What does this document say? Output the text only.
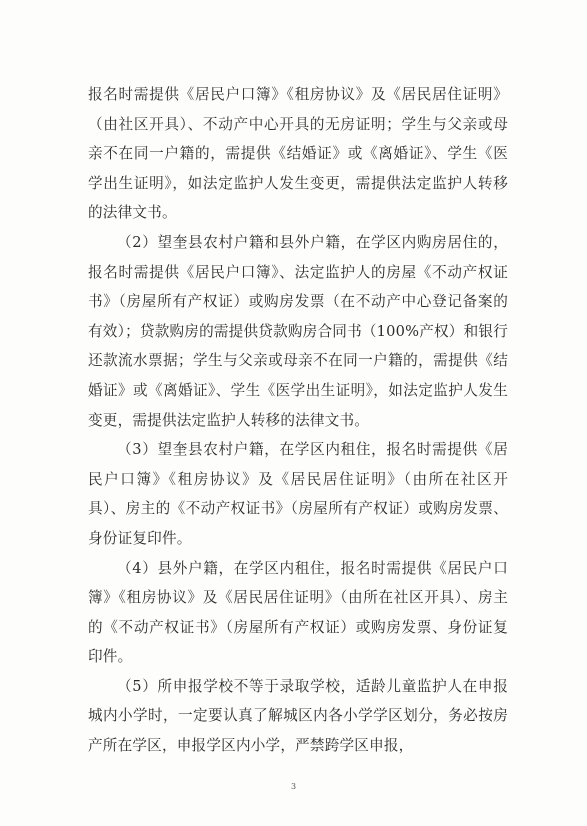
报名时需提供《居民户口簿》《租房协议》及《居民居住证明》（由社区开具）、不动产中心开具的无房证明；学生与父亲或母亲不在同一户籍的，需提供《结婚证》或《离婚证》、学生《医学出生证明》，如法定监护人发生变更，需提供法定监护人转移的法律文书。

（2）望奎县农村户籍和县外户籍，在学区内购房居住的，报名时需提供《居民户口簿》、法定监护人的房屋《不动产权证书》（房屋所有产权证）或购房发票（在不动产中心登记备案的有效）；贷款购房的需提供贷款购房合同书（100%产权）和银行还款流水票据；学生与父亲或母亲不在同一户籍的，需提供《结婚证》或《离婚证》、学生《医学出生证明》，如法定监护人发生变更，需提供法定监护人转移的法律文书。

（3）望奎县农村户籍，在学区内租住，报名时需提供《居民户口簿》《租房协议》及《居民居住证明》（由所在社区开具）、房主的《不动产权证书》（房屋所有产权证）或购房发票、身份证复印件。

（4）县外户籍，在学区内租住，报名时需提供《居民户口簿》《租房协议》及《居民居住证明》（由所在社区开具）、房主的《不动产权证书》（房屋所有产权证）或购房发票、身份证复印件。

（5）所申报学校不等于录取学校，适龄儿童监护人在申报城内小学时，一定要认真了解城区内各小学学区划分，务必按房产所在学区，申报学区内小学，严禁跨学区申报，

3
